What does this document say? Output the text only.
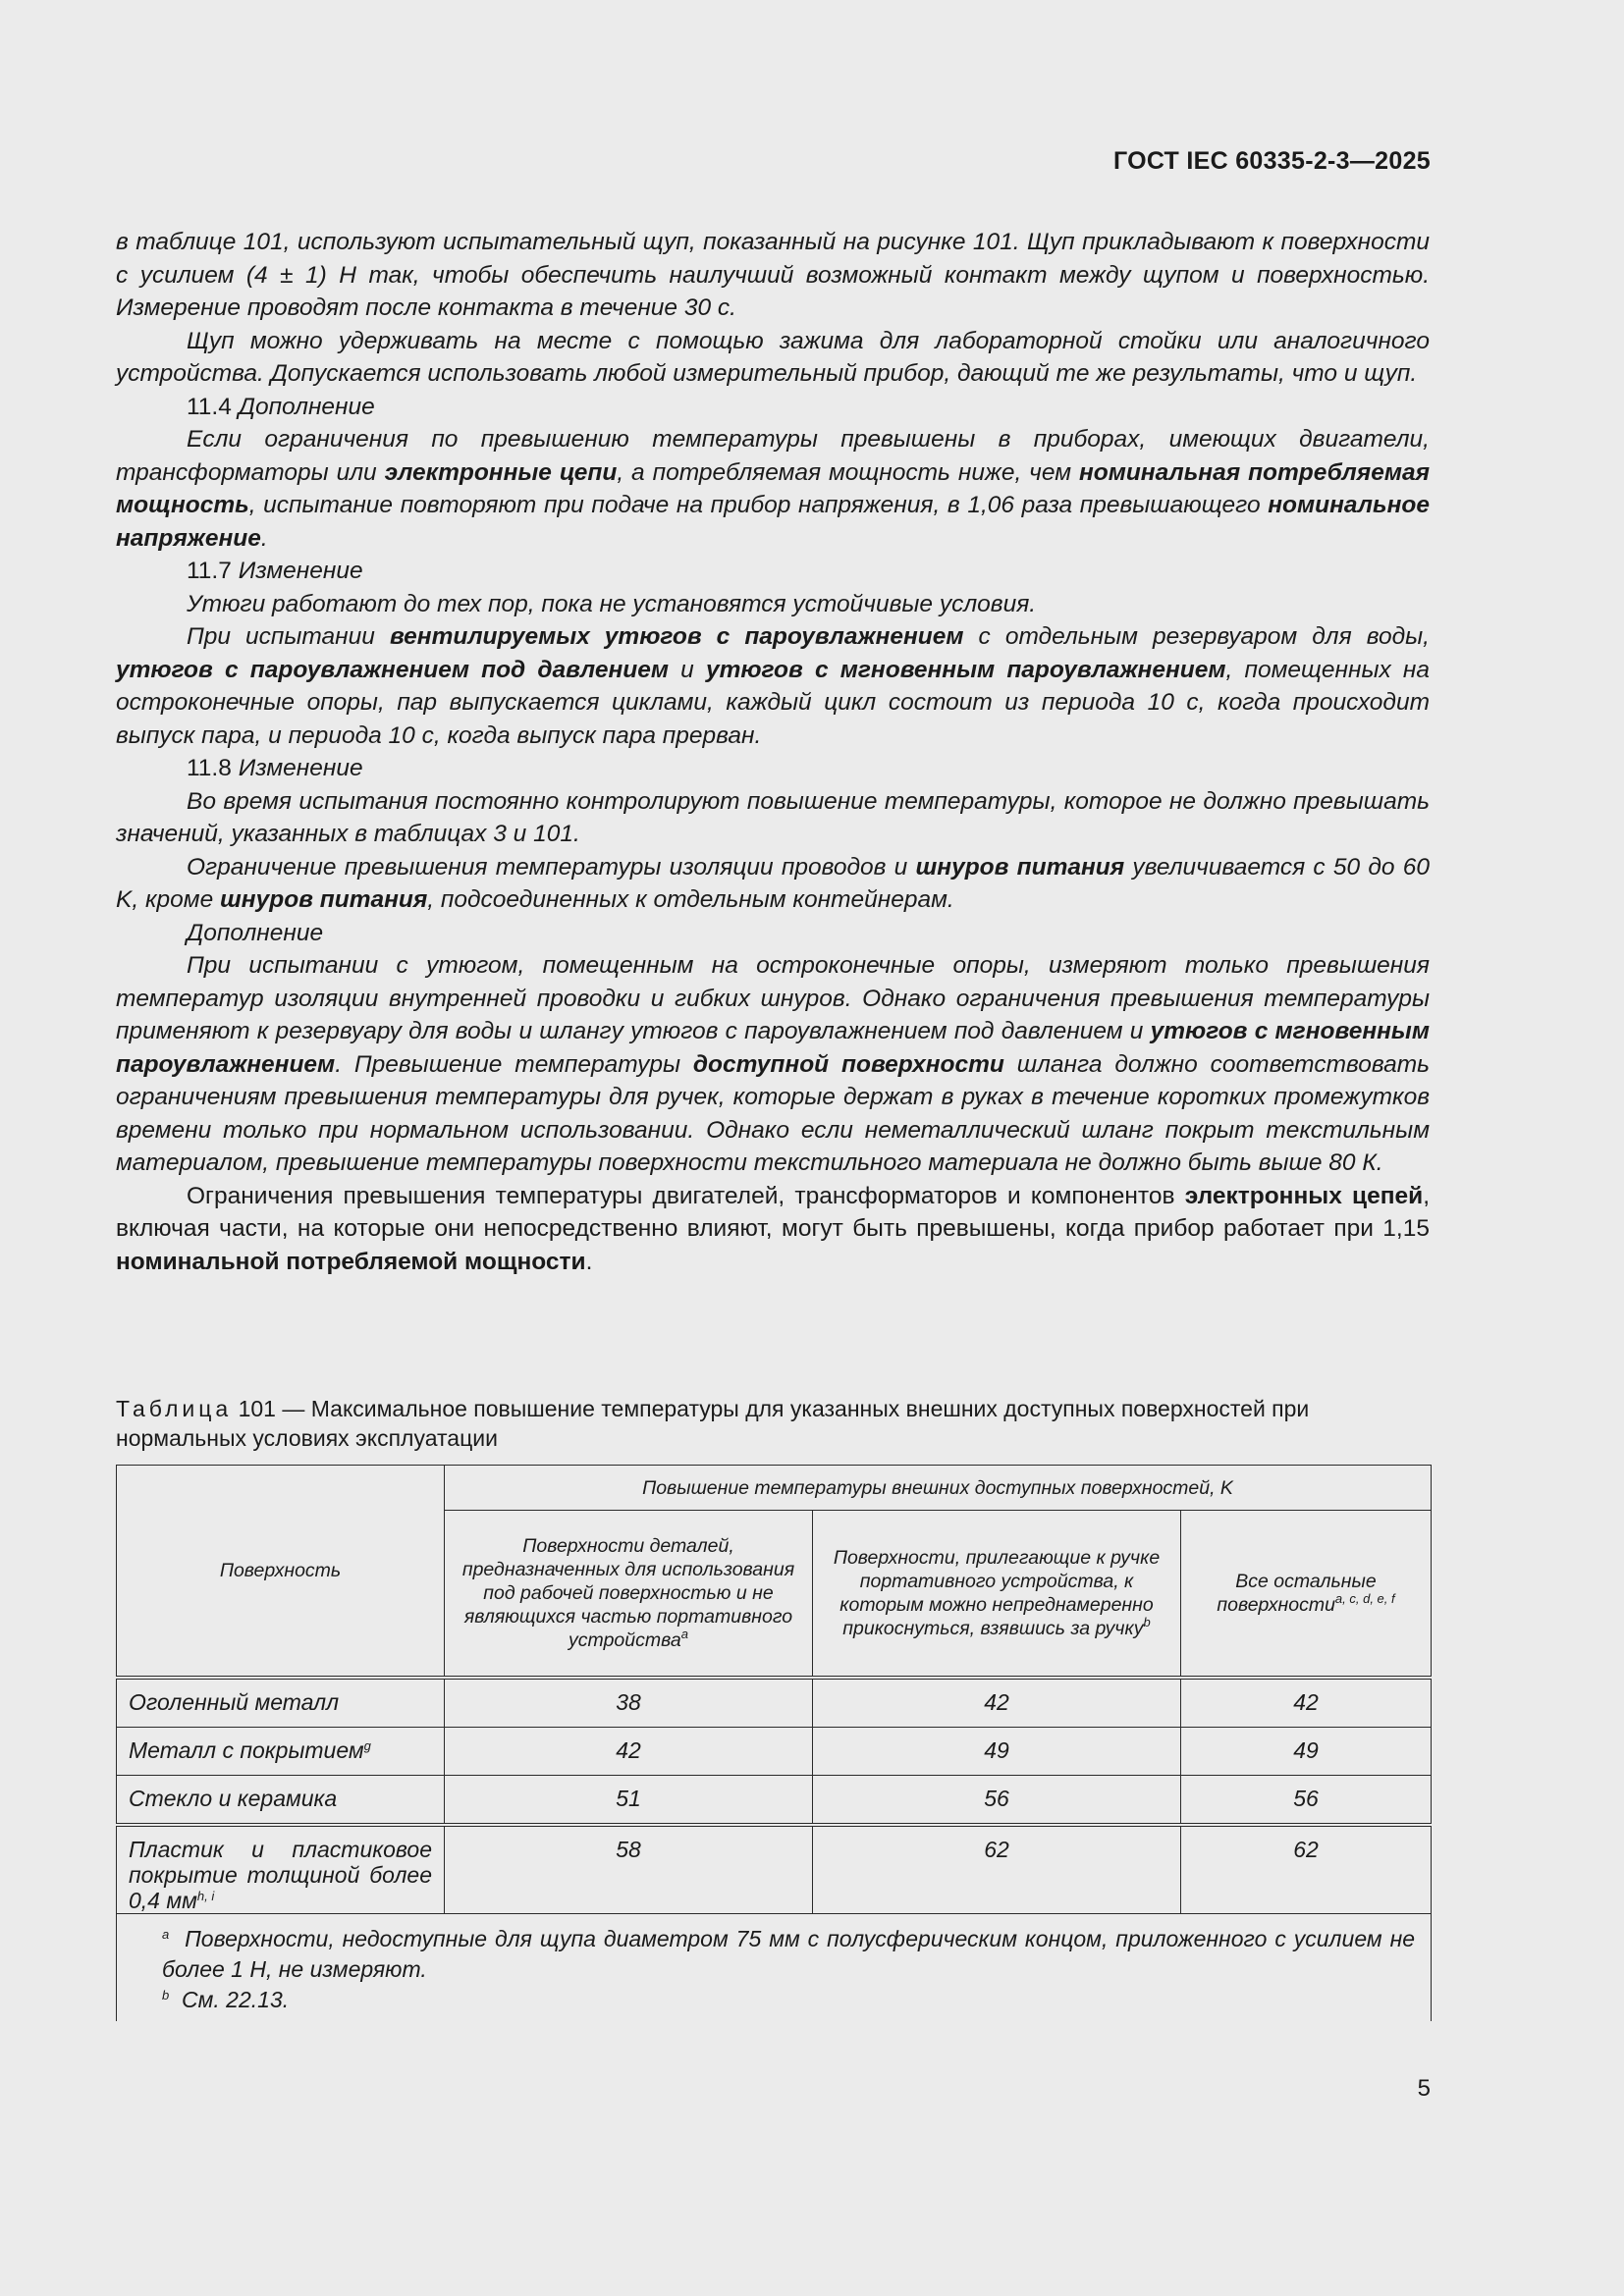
ГОСТ IEC 60335-2-3—2025

в таблице 101, используют испытательный щуп, показанный на рисунке 101. Щуп прикладывают к поверхности с усилием (4 ± 1) Н так, чтобы обеспечить наилучший возможный контакт между щупом и поверхностью. Измерение проводят после контакта в течение 30 с.

Щуп можно удерживать на месте с помощью зажима для лабораторной стойки или аналогичного устройства. Допускается использовать любой измерительный прибор, дающий те же результаты, что и щуп.

11.4 Дополнение

Если ограничения по превышению температуры превышены в приборах, имеющих двигатели, трансформаторы или электронные цепи, а потребляемая мощность ниже, чем номинальная потребляемая мощность, испытание повторяют при подаче на прибор напряжения, в 1,06 раза превышающего номинальное напряжение.

11.7 Изменение

Утюги работают до тех пор, пока не установятся устойчивые условия.

При испытании вентилируемых утюгов с пароувлажнением с отдельным резервуаром для воды, утюгов с пароувлажнением под давлением и утюгов с мгновенным пароувлажнением, помещенных на остроконечные опоры, пар выпускается циклами, каждый цикл состоит из периода 10 с, когда происходит выпуск пара, и периода 10 с, когда выпуск пара прерван.

11.8 Изменение

Во время испытания постоянно контролируют повышение температуры, которое не должно превышать значений, указанных в таблицах 3 и 101.

Ограничение превышения температуры изоляции проводов и шнуров питания увеличивается с 50 до 60 K, кроме шнуров питания, подсоединенных к отдельным контейнерам.

Дополнение

При испытании с утюгом, помещенным на остроконечные опоры, измеряют только превышения температур изоляции внутренней проводки и гибких шнуров. Однако ограничения превышения температуры применяют к резервуару для воды и шлангу утюгов с пароувлажнением под давлением и утюгов с мгновенным пароувлажнением. Превышение температуры доступной поверхности шланга должно соответствовать ограничениям превышения температуры для ручек, которые держат в руках в течение коротких промежутков времени только при нормальном использовании. Однако если неметаллический шланг покрыт текстильным материалом, превышение температуры поверхности текстильного материала не должно быть выше 80 К.

Ограничения превышения температуры двигателей, трансформаторов и компонентов электронных цепей, включая части, на которые они непосредственно влияют, могут быть превышены, когда прибор работает при 1,15 номинальной потребляемой мощности.

Таблица 101 — Максимальное повышение температуры для указанных внешних доступных поверхностей при нормальных условиях эксплуатации
Поверхность	Повышение температуры внешних доступных поверхностей, K		
	Поверхности деталей, предназначенных для использования под рабочей поверхностью и не являющихся частью портативного устройства$^a$	Поверхности, прилегающие к ручке портативного устройства, к которым можно непреднамеренно прикоснуться, взявшись за ручку$^b$	Все остальные поверхности$^{a, c, d, e, f}$
Оголенный металл	38	42	42
Металл с покрытием$^g$	42	49	49
Стекло и керамика	51	56	56
Пластик и пластиковое покрытие толщиной более 0,4 мм$^{h, i}$	58	62	62

$^a$ Поверхности, недоступные для щупа диаметром 75 мм с полусферическим концом, приложенного с усилием не более 1 Н, не измеряют.
$^b$ См. 22.13.			
5
